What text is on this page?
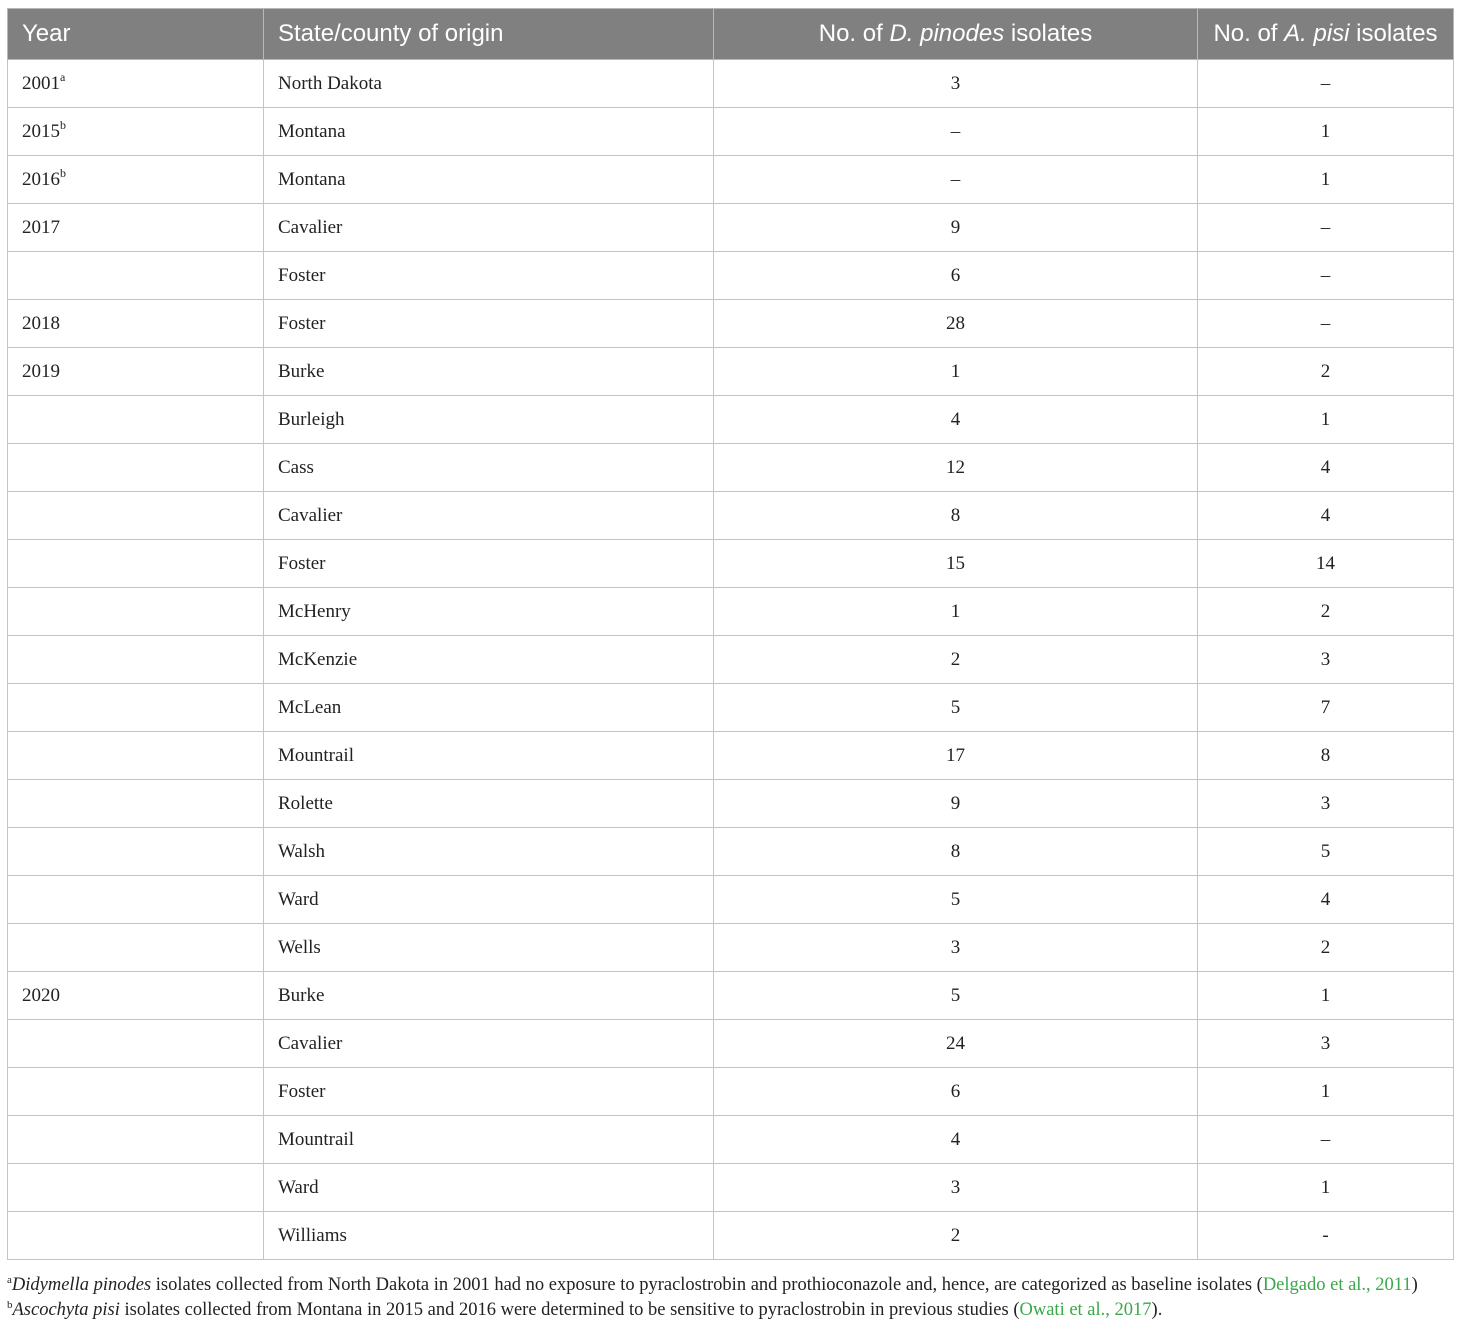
Year	State/county of origin	No. of D. pinodes isolates	No. of A. pisi isolates
2001$^a$	North Dakota	3	–
2015$^b$	Montana	–	1
2016$^b$	Montana	–	1
2017	Cavalier	9	–
	Foster	6	–
2018	Foster	28	–
2019	Burke	1	2
	Burleigh	4	1
	Cass	12	4
	Cavalier	8	4
	Foster	15	14
	McHenry	1	2
	McKenzie	2	3
	McLean	5	7
	Mountrail	17	8
	Rolette	9	3
	Walsh	8	5
	Ward	5	4
	Wells	3	2
2020	Burke	5	1
	Cavalier	24	3
	Foster	6	1
	Mountrail	4	–
	Ward	3	1
	Williams	2	-

$^a$Didymella pinodes isolates collected from North Dakota in 2001 had no exposure to pyraclostrobin and prothioconazole and, hence, are categorized as baseline isolates (Delgado et al., 2011)

$^b$Ascochyta pisi isolates collected from Montana in 2015 and 2016 were determined to be sensitive to pyraclostrobin in previous studies (Owati et al., 2017).
